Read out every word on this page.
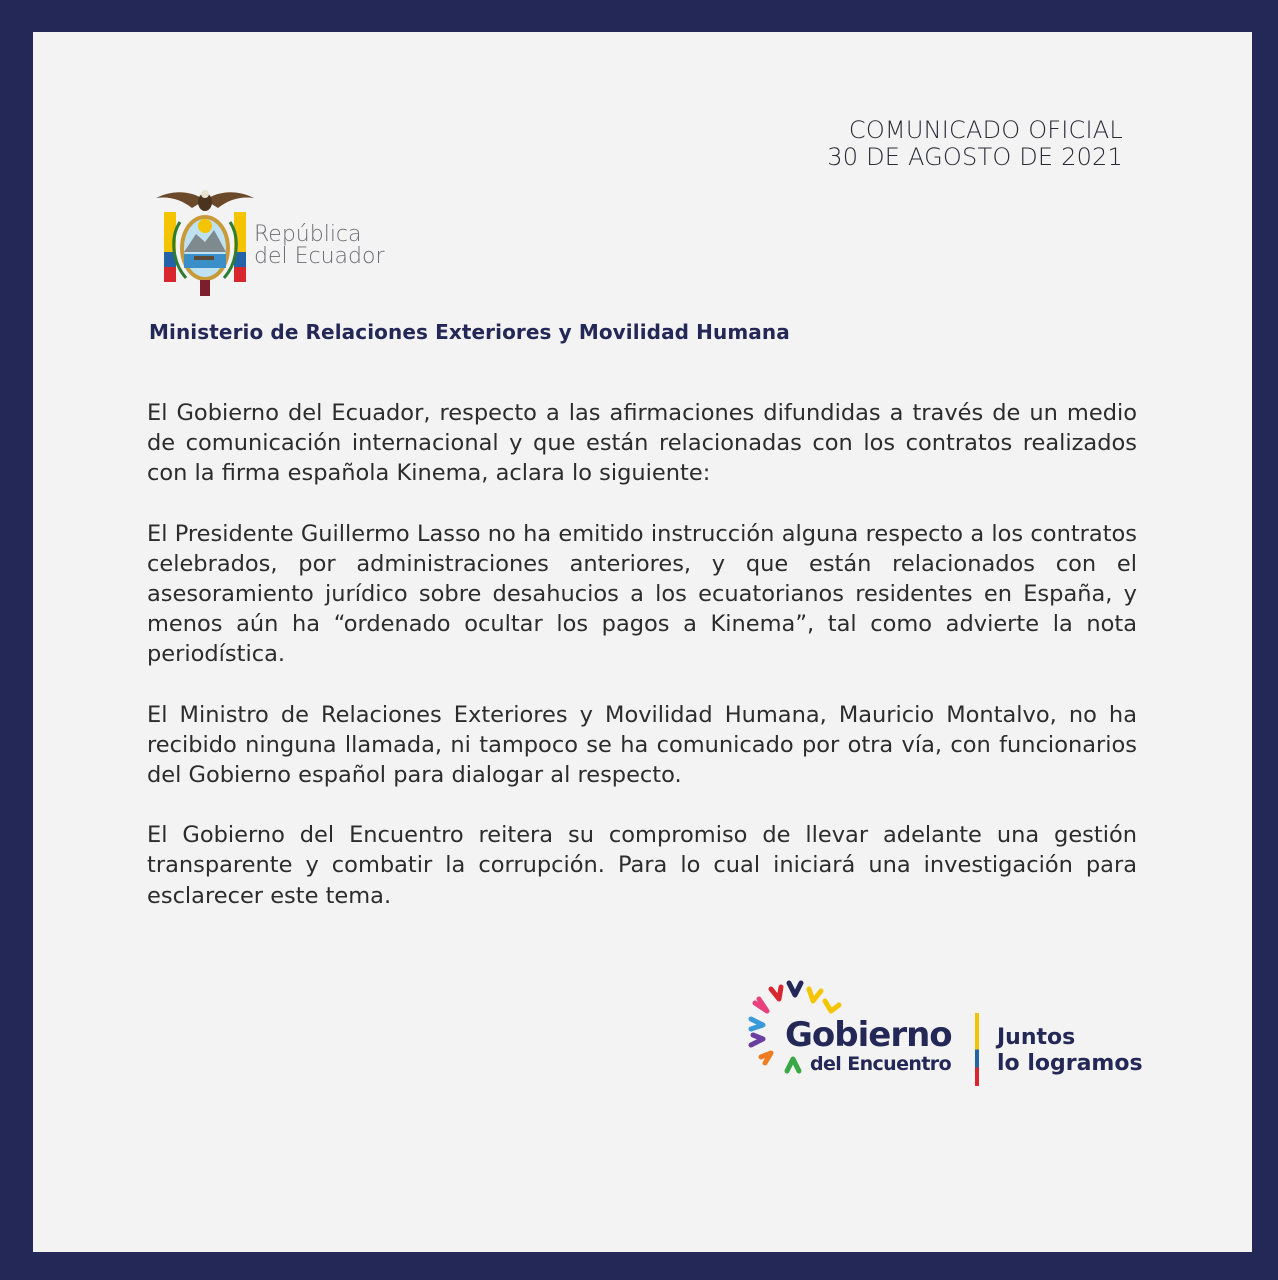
COMUNICADO OFICIAL
30 DE AGOSTO DE 2021
República
del Ecuador
Ministerio de Relaciones Exteriores y Movilidad Humana

El Gobierno del Ecuador, respecto a las afirmaciones difundidas a través de un medio de comunicación internacional y que están relacionadas con los contratos realizados con la firma española Kinema, aclara lo siguiente:

El Presidente Guillermo Lasso no ha emitido instrucción alguna respecto a los contratos celebrados, por administraciones anteriores, y que están relacionados con el asesoramiento jurídico sobre desahucios a los ecuatorianos residentes en España, y menos aún ha “ordenado ocultar los pagos a Kinema”, tal como advierte la nota periodística.

El Ministro de Relaciones Exteriores y Movilidad Humana, Mauricio Montalvo, no ha recibido ninguna llamada, ni tampoco se ha comunicado por otra vía, con funcionarios del Gobierno español para dialogar al respecto.

El Gobierno del Encuentro reitera su compromiso de llevar adelante una gestión transparente y combatir la corrupción. Para lo cual iniciará una investigación para esclarecer este tema.

Gobierno
del Encuentro
Juntos
lo logramos
